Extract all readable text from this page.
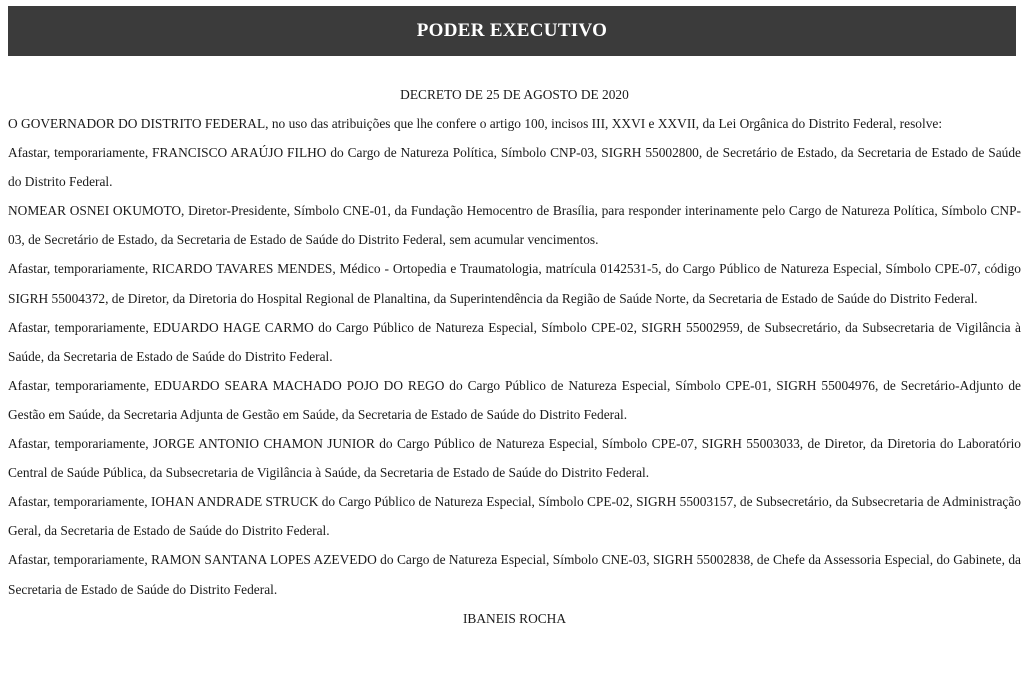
PODER EXECUTIVO

DECRETO DE 25 DE AGOSTO DE 2020

O GOVERNADOR DO DISTRITO FEDERAL, no uso das atribuições que lhe confere o artigo 100, incisos III, XXVI e XXVII, da Lei Orgânica do Distrito Federal, resolve:

Afastar, temporariamente, FRANCISCO ARAÚJO FILHO do Cargo de Natureza Política, Símbolo CNP-03, SIGRH 55002800, de Secretário de Estado, da Secretaria de Estado de Saúde do Distrito Federal.

NOMEAR OSNEI OKUMOTO, Diretor-Presidente, Símbolo CNE-01, da Fundação Hemocentro de Brasília, para responder interinamente pelo Cargo de Natureza Política, Símbolo CNP-03, de Secretário de Estado, da Secretaria de Estado de Saúde do Distrito Federal, sem acumular vencimentos.

Afastar, temporariamente, RICARDO TAVARES MENDES, Médico - Ortopedia e Traumatologia, matrícula 0142531-5, do Cargo Público de Natureza Especial, Símbolo CPE-07, código SIGRH 55004372, de Diretor, da Diretoria do Hospital Regional de Planaltina, da Superintendência da Região de Saúde Norte, da Secretaria de Estado de Saúde do Distrito Federal.

Afastar, temporariamente, EDUARDO HAGE CARMO do Cargo Público de Natureza Especial, Símbolo CPE-02, SIGRH 55002959, de Subsecretário, da Subsecretaria de Vigilância à Saúde, da Secretaria de Estado de Saúde do Distrito Federal.

Afastar, temporariamente, EDUARDO SEARA MACHADO POJO DO REGO do Cargo Público de Natureza Especial, Símbolo CPE-01, SIGRH 55004976, de Secretário-Adjunto de Gestão em Saúde, da Secretaria Adjunta de Gestão em Saúde, da Secretaria de Estado de Saúde do Distrito Federal.

Afastar, temporariamente, JORGE ANTONIO CHAMON JUNIOR do Cargo Público de Natureza Especial, Símbolo CPE-07, SIGRH 55003033, de Diretor, da Diretoria do Laboratório Central de Saúde Pública, da Subsecretaria de Vigilância à Saúde, da Secretaria de Estado de Saúde do Distrito Federal.

Afastar, temporariamente, IOHAN ANDRADE STRUCK do Cargo Público de Natureza Especial, Símbolo CPE-02, SIGRH 55003157, de Subsecretário, da Subsecretaria de Administração Geral, da Secretaria de Estado de Saúde do Distrito Federal.

Afastar, temporariamente, RAMON SANTANA LOPES AZEVEDO do Cargo de Natureza Especial, Símbolo CNE-03, SIGRH 55002838, de Chefe da Assessoria Especial, do Gabinete, da Secretaria de Estado de Saúde do Distrito Federal.

IBANEIS ROCHA
